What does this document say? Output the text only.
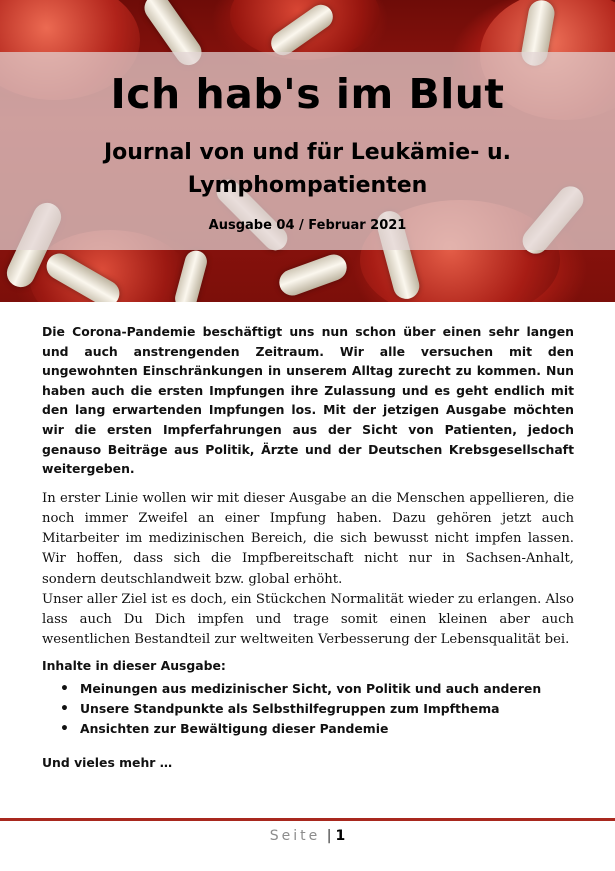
Ich hab's im Blut
Journal von und für Leukämie- u. Lymphompatienten
Ausgabe 04 / Februar 2021

Die Corona-Pandemie beschäftigt uns nun schon über einen sehr langen und auch anstrengenden Zeitraum. Wir alle versuchen mit den ungewohnten Einschränkungen in unserem Alltag zurecht zu kommen. Nun haben auch die ersten Impfungen ihre Zulassung und es geht endlich mit den lang erwartenden Impfungen los. Mit der jetzigen Ausgabe möchten wir die ersten Impferfahrungen aus der Sicht von Patienten, jedoch genauso Beiträge aus Politik, Ärzte und der Deutschen Krebsgesellschaft weitergeben.

In erster Linie wollen wir mit dieser Ausgabe an die Menschen appellieren, die noch immer Zweifel an einer Impfung haben. Dazu gehören jetzt auch Mitarbeiter im medizinischen Bereich, die sich bewusst nicht impfen lassen. Wir hoffen, dass sich die Impfbereitschaft nicht nur in Sachsen-Anhalt, sondern deutschlandweit bzw. global erhöht.

Unser aller Ziel ist es doch, ein Stückchen Normalität wieder zu erlangen. Also lass auch Du Dich impfen und trage somit einen kleinen aber auch wesentlichen Bestandteil zur weltweiten Verbesserung der Lebensqualität bei.

Inhalte in dieser Ausgabe:
• Meinungen aus medizinischer Sicht, von Politik und auch anderen
• Unsere Standpunkte als Selbsthilfegruppen zum Impfthema
• Ansichten zur Bewältigung dieser Pandemie

Und vieles mehr …

Seite | 1
